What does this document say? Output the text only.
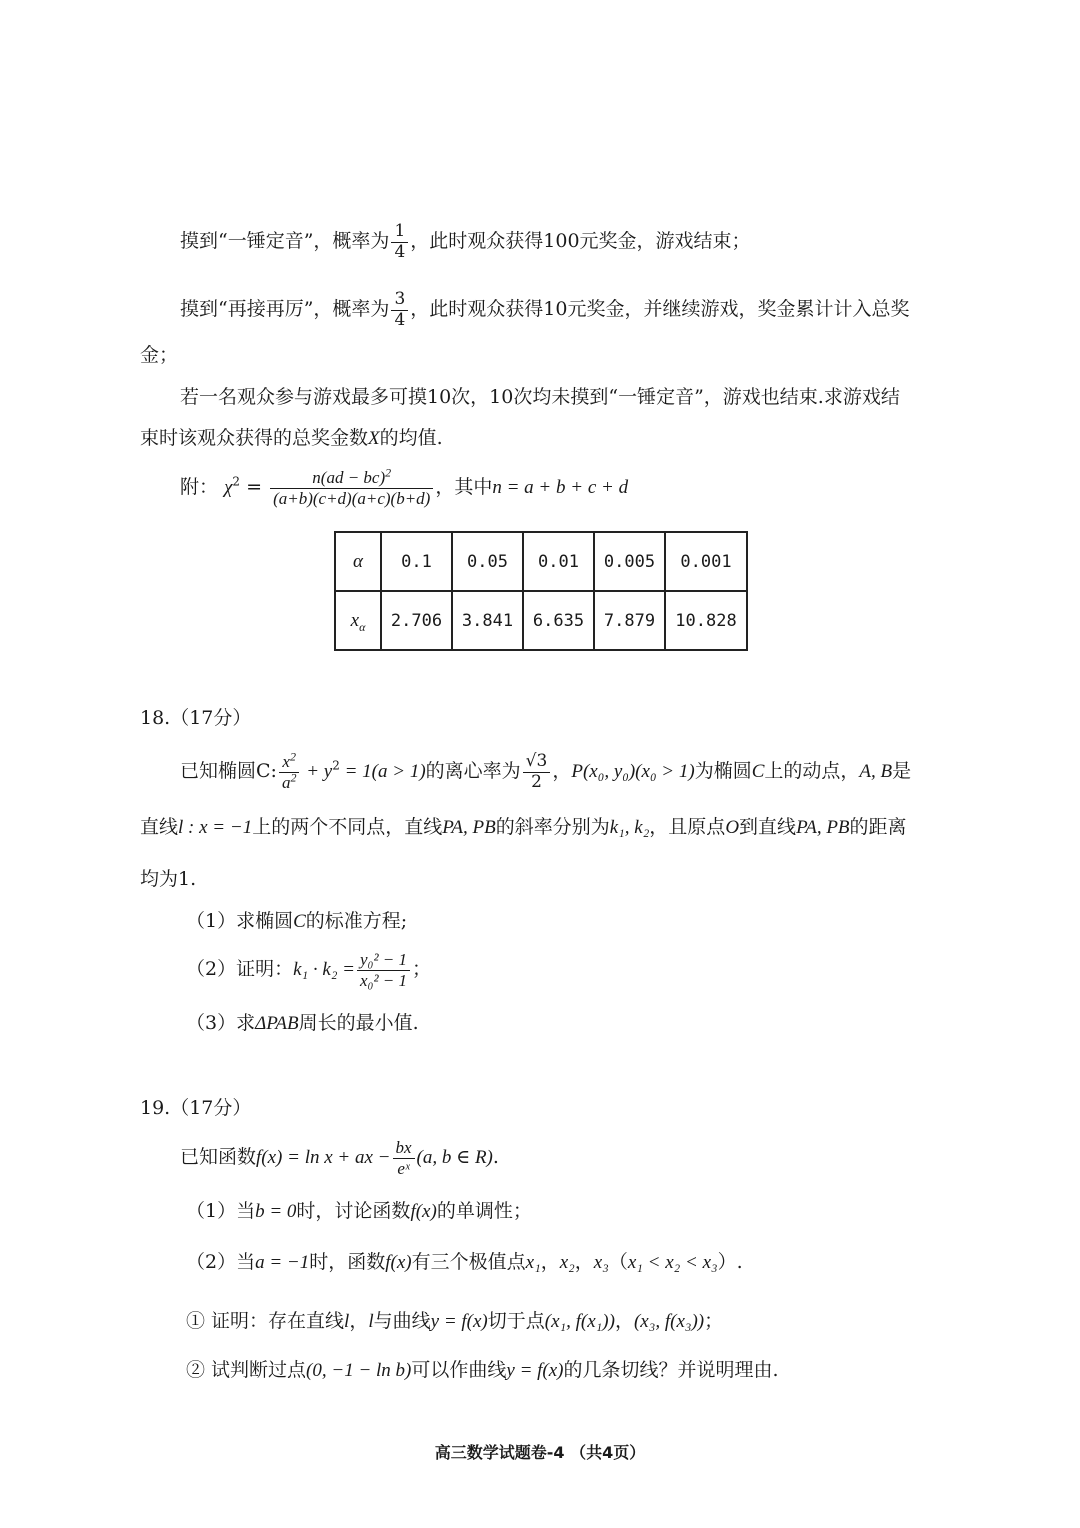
摸到“一锤定音”，概率为 $\frac{1}{4}$ ，此时观众获得100元奖金，游戏结束；
摸到“再接再厉”，概率为 $\frac{3}{4}$ ，此时观众获得10元奖金，并继续游戏，奖金累计计入总奖
金；
若一名观众参与游戏最多可摸10次，10次均未摸到“一锤定音”，游戏也结束.求游戏结
束时该观众获得的总奖金数X的均值.
附： $\chi^2 = \frac{n(ad - bc)^2}{(a+b)(c+d)(a+c)(b+d)}$ ，其中n = a + b + c + d
α	0.1	0.05	0.01	0.005	0.001
$x_\alpha$	2.706	3.841	6.635	7.879	10.828
18.（17分）
已知椭圆C: $\frac{x^2}{a^2} + y^2 = 1(a > 1)$的离心率为 $\frac{√3}{2}$ ，P(x₀, y₀)(x₀ > 1)为椭圆C上的动点，A, B是
直线l : x = −1上的两个不同点，直线PA, PB的斜率分别为k₁, k₂，且原点O到直线PA, PB的距离
均为1.
（1）求椭圆C的标准方程;
（2）证明：$k_1 \cdot k_2 = \frac{\text{y₀² − 1}}{\text{x₀² − 1}}$ ；
（3）求ΔPAB周长的最小值.
19.（17分）
已知函数f(x) = ln x + ax − $\frac{bx}{\text{eˣ}} (a$, b ∈ R).
（1）当b = 0时，讨论函数f(x)的单调性；
（2）当a = −1时，函数f(x)有三个极值点x₁，x₂，x₃（x₁ < x₂ < x₃）.
① 证明：存在直线l，l与曲线y = f(x)切于点(x₁, f(x₁))，(x₃, f(x₃))；
② 试判断过点(0, −1 − ln b)可以作曲线y = f(x)的几条切线？并说明理由.
高三数学试题卷-4 （共4页）
